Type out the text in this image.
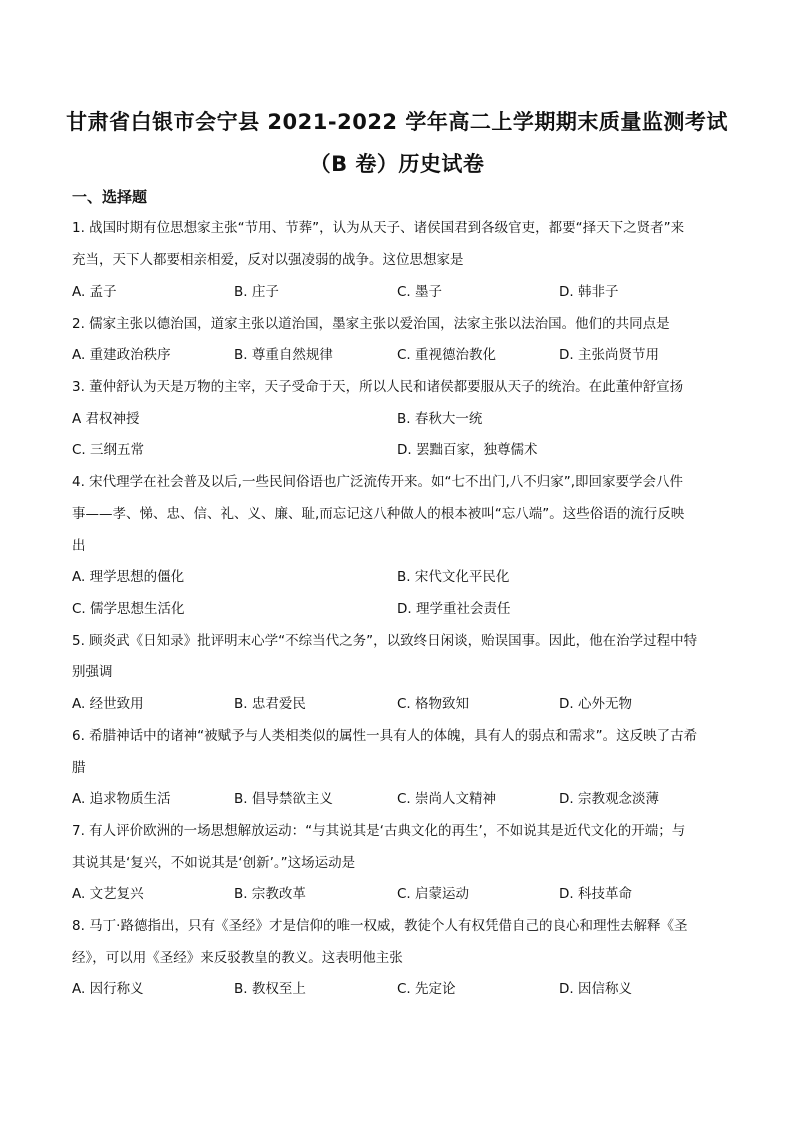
甘肃省白银市会宁县 2021-2022 学年高二上学期期末质量监测考试
（B 卷）历史试卷
一、选择题
1. 战国时期有位思想家主张“节用、节葬”，认为从天子、诸侯国君到各级官吏，都要“择天下之贤者”来
充当，天下人都要相亲相爱，反对以强凌弱的战争。这位思想家是
A. 孟子	B. 庄子	C. 墨子	D. 韩非子
2. 儒家主张以德治国，道家主张以道治国，墨家主张以爱治国，法家主张以法治国。他们的共同点是
A. 重建政治秩序	B. 尊重自然规律	C. 重视德治教化	D. 主张尚贤节用
3. 董仲舒认为天是万物的主宰，天子受命于天，所以人民和诸侯都要服从天子的统治。在此董仲舒宣扬
A 君权神授	B. 春秋大一统
C. 三纲五常	D. 罢黜百家，独尊儒术
4. 宋代理学在社会普及以后,一些民间俗语也广泛流传开来。如“七不出门,八不归家”,即回家要学会八件
事——孝、悌、忠、信、礼、义、廉、耻,而忘记这八种做人的根本被叫“忘八端”。这些俗语的流行反映
出
A. 理学思想的僵化	B. 宋代文化平民化
C. 儒学思想生活化	D. 理学重社会责任
5. 顾炎武《日知录》批评明末心学“不综当代之务”，以致终日闲谈，贻误国事。因此，他在治学过程中特
别强调
A. 经世致用	B. 忠君爱民	C. 格物致知	D. 心外无物
6. 希腊神话中的诸神“被赋予与人类相类似的属性一具有人的体魄，具有人的弱点和需求”。这反映了古希
腊
A. 追求物质生活	B. 倡导禁欲主义	C. 崇尚人文精神	D. 宗教观念淡薄
7. 有人评价欧洲的一场思想解放运动：“与其说其是‘古典文化的再生’，不如说其是近代文化的开端；与
其说其是‘复兴，不如说其是‘创新’。”这场运动是
A. 文艺复兴	B. 宗教改革	C. 启蒙运动	D. 科技革命
8. 马丁·路德指出，只有《圣经》才是信仰的唯一权威，教徒个人有权凭借自己的良心和理性去解释《圣
经》，可以用《圣经》来反驳教皇的教义。这表明他主张
A. 因行称义	B. 教权至上	C. 先定论	D. 因信称义
